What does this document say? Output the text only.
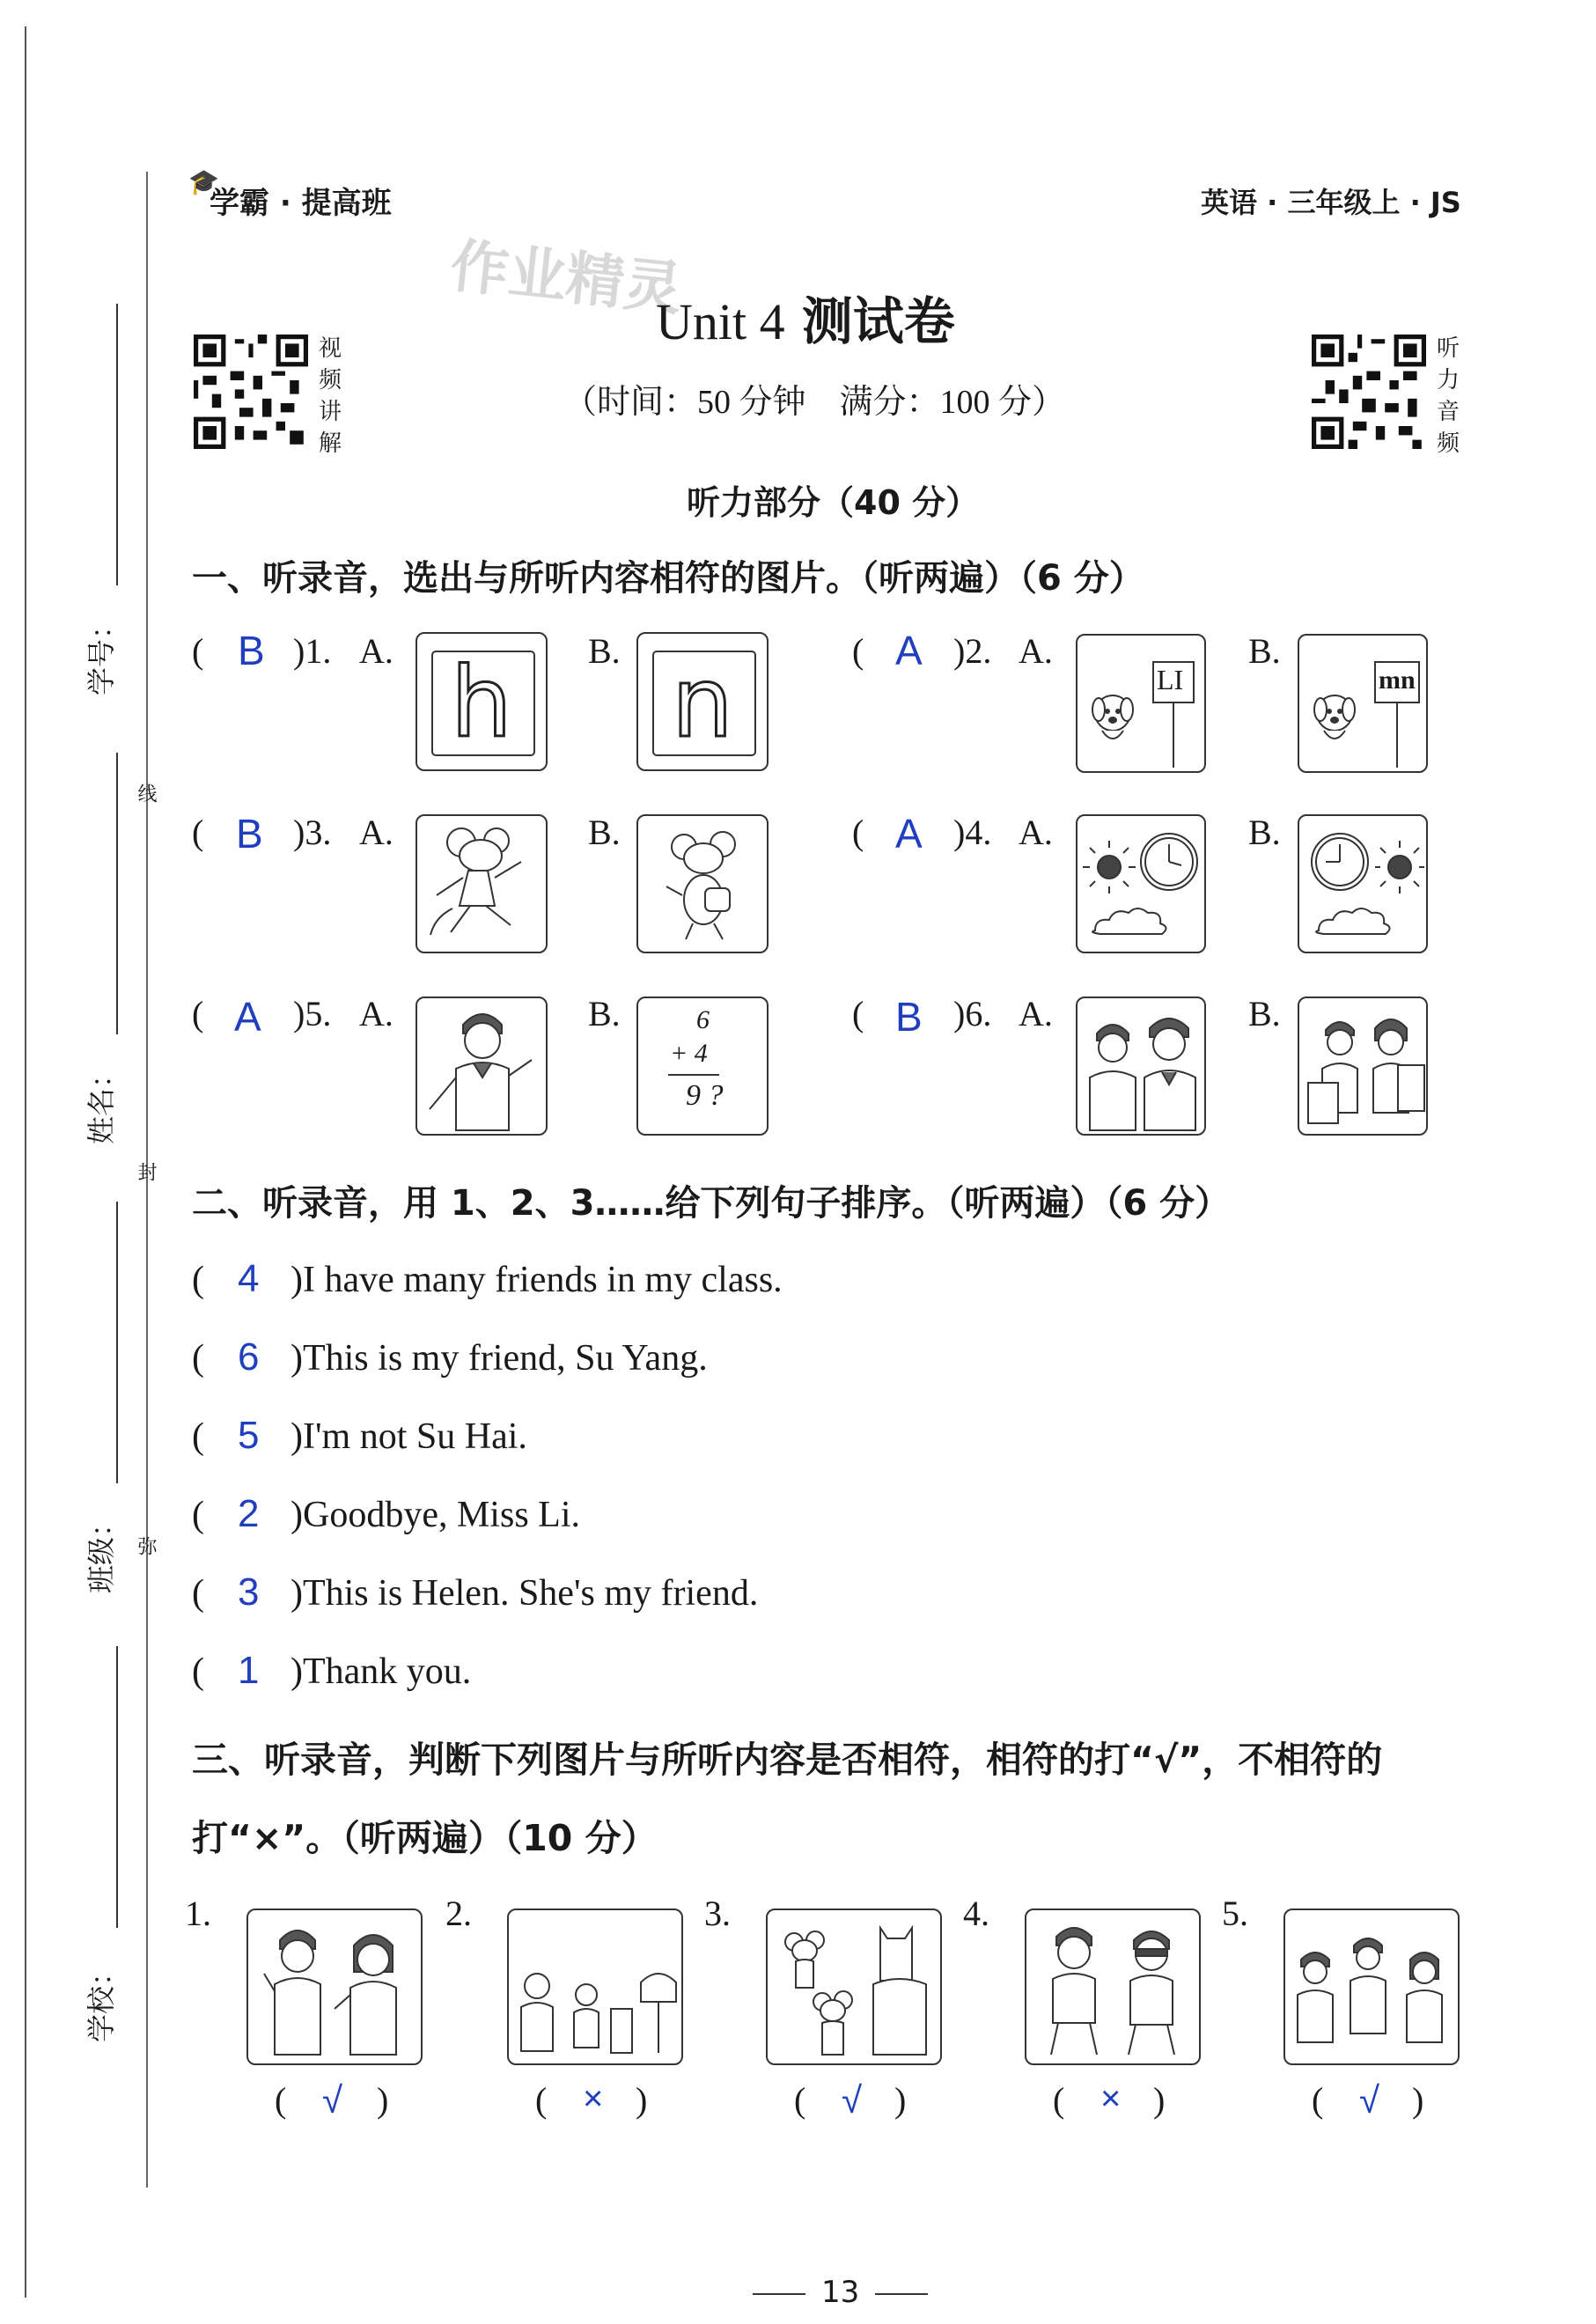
学号：
姓名：
班级：
学校：
线
封
弥
🎓
学霸 · 提高班	英语 · 三年级上 · JS
作业精灵
Unit 4 测试卷
（时间：50 分钟　满分：100 分）
视频讲解
听力音频
听力部分（40 分）
一、听录音，选出与所听内容相符的图片。（听两遍）（6 分）
( B )1. A. h B. n	( A )2. A.
LI
B.
mn
( B )3. A.	B.	( A )4. A.	B.
( A )5. A.	B.	6
+ 4
9 ?
( B )6. A.	B.
二、听录音，用 1、2、3……给下列句子排序。（听两遍）（6 分）
( 4 )I have many friends in my class.
( 6 )This is my friend, Su Yang.
( 5 )I'm not Su Hai.
( 2 )Goodbye, Miss Li.
( 3 )This is Helen. She's my friend.
( 1 )Thank you.
三、听录音，判断下列图片与所听内容是否相符，相符的打“√”，不相符的
打“×”。（听两遍）（10 分）
1.
( √ )
2.
( × )
3.
( √ )
4.
( × )
5.
( √ )
13
